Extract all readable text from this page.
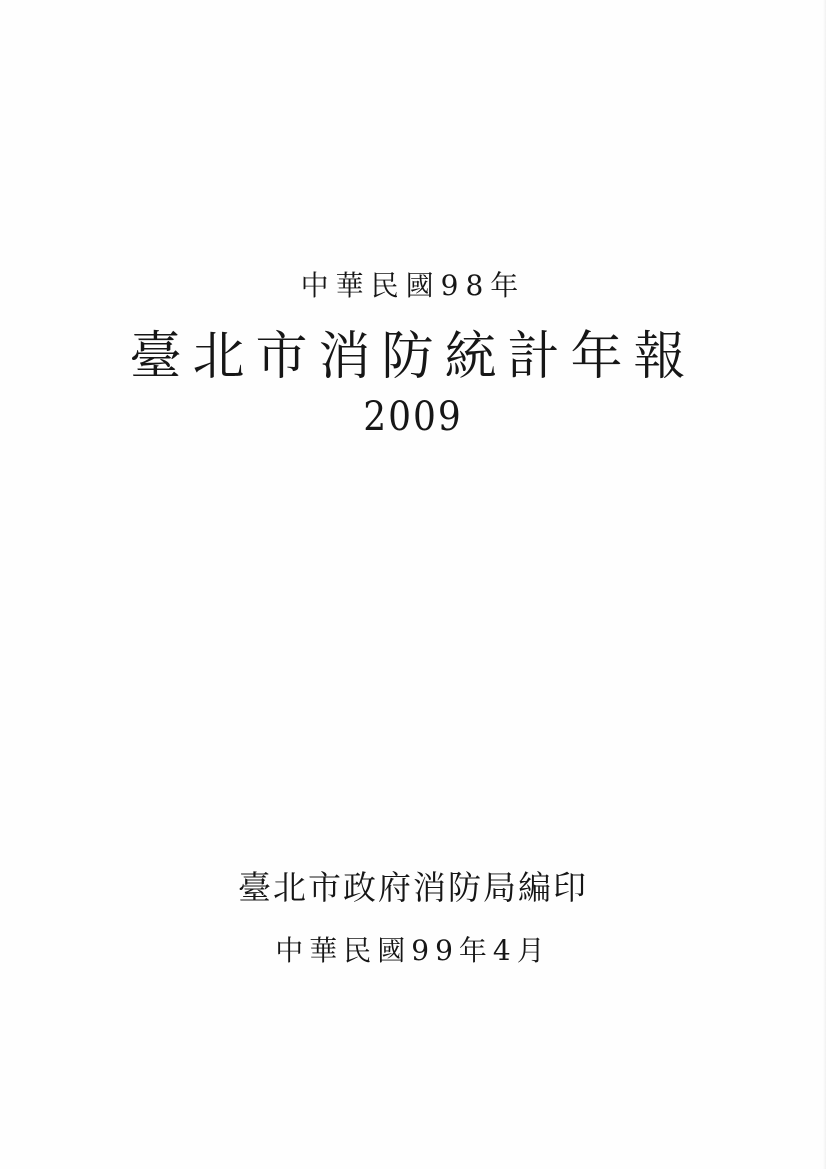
中華民國98年
臺北市消防統計年報
2009
臺北市政府消防局編印
中華民國99年4月
